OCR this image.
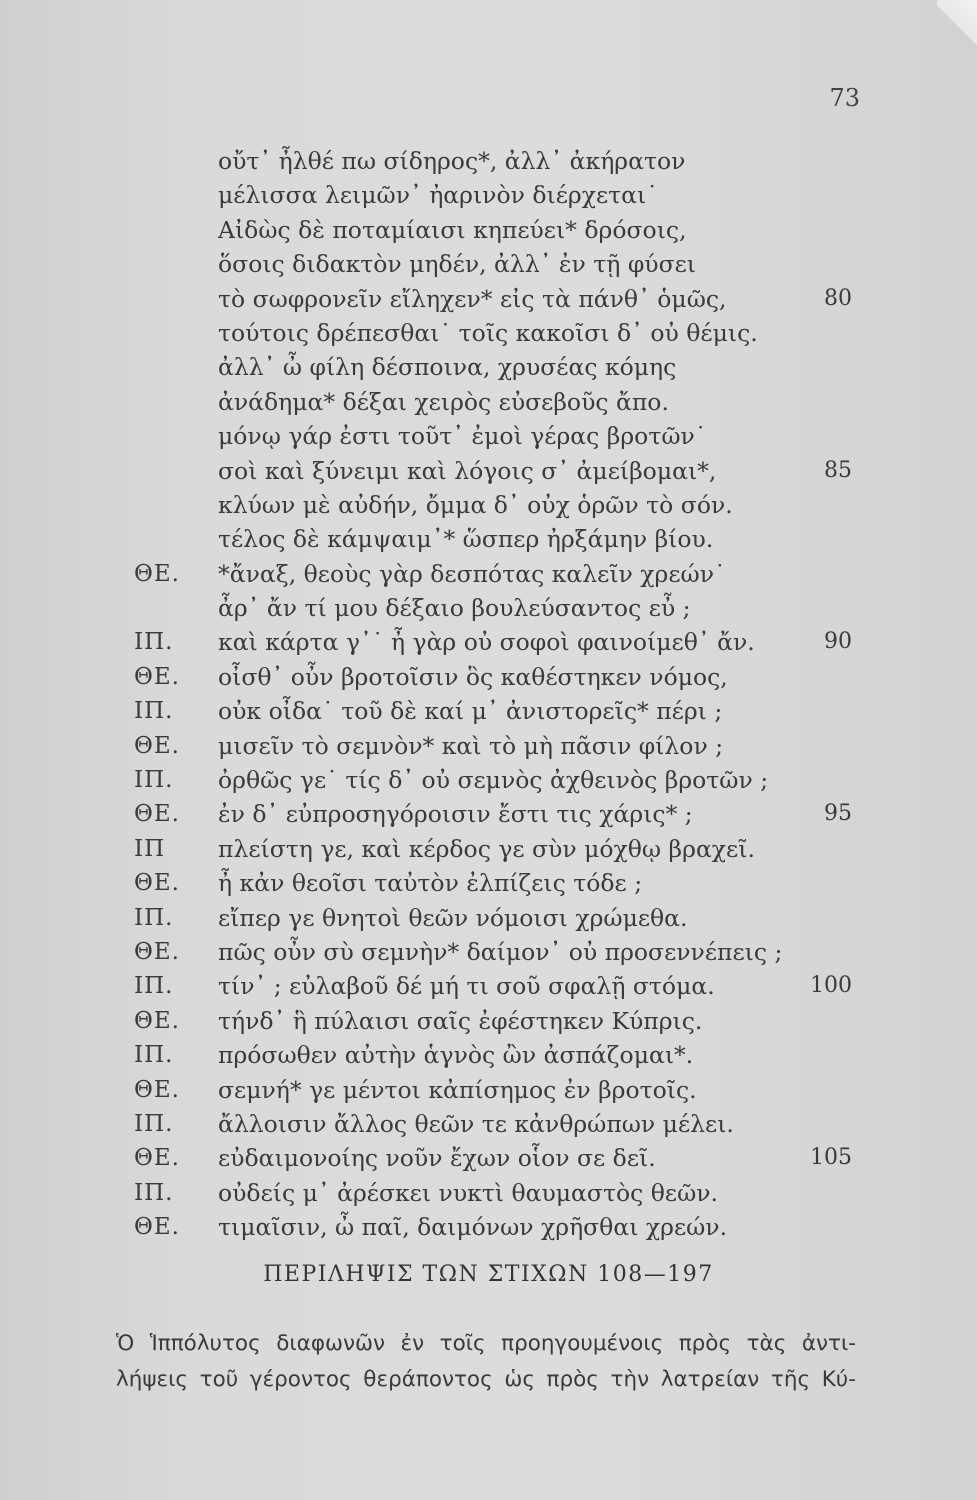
73
οὔτ᾽ ἦλθέ πω σίδηρος*, ἀλλ᾽ ἀκήρατον
μέλισσα λειμῶν᾽ ἠαρινὸν διέρχεται˙
Αἰδὼς δὲ ποταμίαισι κηπεύει* δρόσοις,
ὅσοις διδακτὸν μηδέν, ἀλλ᾽ ἐν τῇ φύσει
τὸ σωφρονεῖν εἴληχεν* εἰς τὰ πάνθ᾽ ὁμῶς,	80
τούτοις δρέπεσθαι˙ τοῖς κακοῖσι δ᾽ οὐ θέμις.
ἀλλ᾽ ὦ φίλη δέσποινα, χρυσέας κόμης
ἀνάδημα* δέξαι χειρὸς εὐσεβοῦς ἄπο.
μόνῳ γάρ ἐστι τοῦτ᾽ ἐμοὶ γέρας βροτῶν˙
σοὶ καὶ ξύνειμι καὶ λόγοις σ᾽ ἀμείβομαι*,	85
κλύων μὲ αὐδήν, ὄμμα δ᾽ οὐχ ὁρῶν τὸ σόν.
τέλος δὲ κάμψαιμ᾽* ὥσπερ ἠρξάμην βίου.
ΘΕ. *ἄναξ, θεοὺς γὰρ δεσπότας καλεῖν χρεών˙
ἆρ᾽ ἄν τί μου δέξαιο βουλεύσαντος εὖ ;
ΙΠ. καὶ κάρτα γ᾽˙ ἦ γὰρ οὐ σοφοὶ φαινοίμεθ᾽ ἄν.	90
ΘΕ. οἶσθ᾽ οὖν βροτοῖσιν ὃς καθέστηκεν νόμος,
ΙΠ. οὐκ οἶδα˙ τοῦ δὲ καί μ᾽ ἀνιστορεῖς* πέρι ;
ΘΕ. μισεῖν τὸ σεμνὸν* καὶ τὸ μὴ πᾶσιν φίλον ;
ΙΠ. ὀρθῶς γε˙ τίς δ᾽ οὐ σεμνὸς ἀχθεινὸς βροτῶν ;
ΘΕ. ἐν δ᾽ εὐπροσηγόροισιν ἔστι τις χάρις* ;	95
ΙΠ πλείστη γε, καὶ κέρδος γε σὺν μόχθῳ βραχεῖ.
ΘΕ. ἦ κἀν θεοῖσι ταὐτὸν ἐλπίζεις τόδε ;
ΙΠ. εἴπερ γε θνητοὶ θεῶν νόμοισι χρώμεθα.
ΘΕ. πῶς οὖν σὺ σεμνὴν* δαίμον᾽ οὐ προσεννέπεις ;
ΙΠ. τίν᾽ ; εὐλαβοῦ δέ μή τι σοῦ σφαλῇ στόμα.	100
ΘΕ. τήνδ᾽ ἣ πύλαισι σαῖς ἐφέστηκεν Κύπρις.
ΙΠ. πρόσωθεν αὐτὴν ἁγνὸς ὢν ἀσπάζομαι*.
ΘΕ. σεμνή* γε μέντοι κἀπίσημος ἐν βροτοῖς.
ΙΠ. ἄλλοισιν ἄλλος θεῶν τε κἀνθρώπων μέλει.
ΘΕ. εὐδαιμονοίης νοῦν ἔχων οἷον σε δεῖ.	105
ΙΠ. οὐδείς μ᾽ ἀρέσκει νυκτὶ θαυμαστὸς θεῶν.
ΘΕ. τιμαῖσιν, ὦ παῖ, δαιμόνων χρῆσθαι χρεών.
ΠΕΡΙΛΗΨΙΣ ΤΩΝ ΣΤΙΧΩΝ 108—197

Ὁ Ἱππόλυτος διαφωνῶν ἐν τοῖς προηγουμένοις πρὸς τὰς ἀντι-

λήψεις τοῦ γέροντος θεράποντος ὡς πρὸς τὴν λατρείαν τῆς Κύ-
